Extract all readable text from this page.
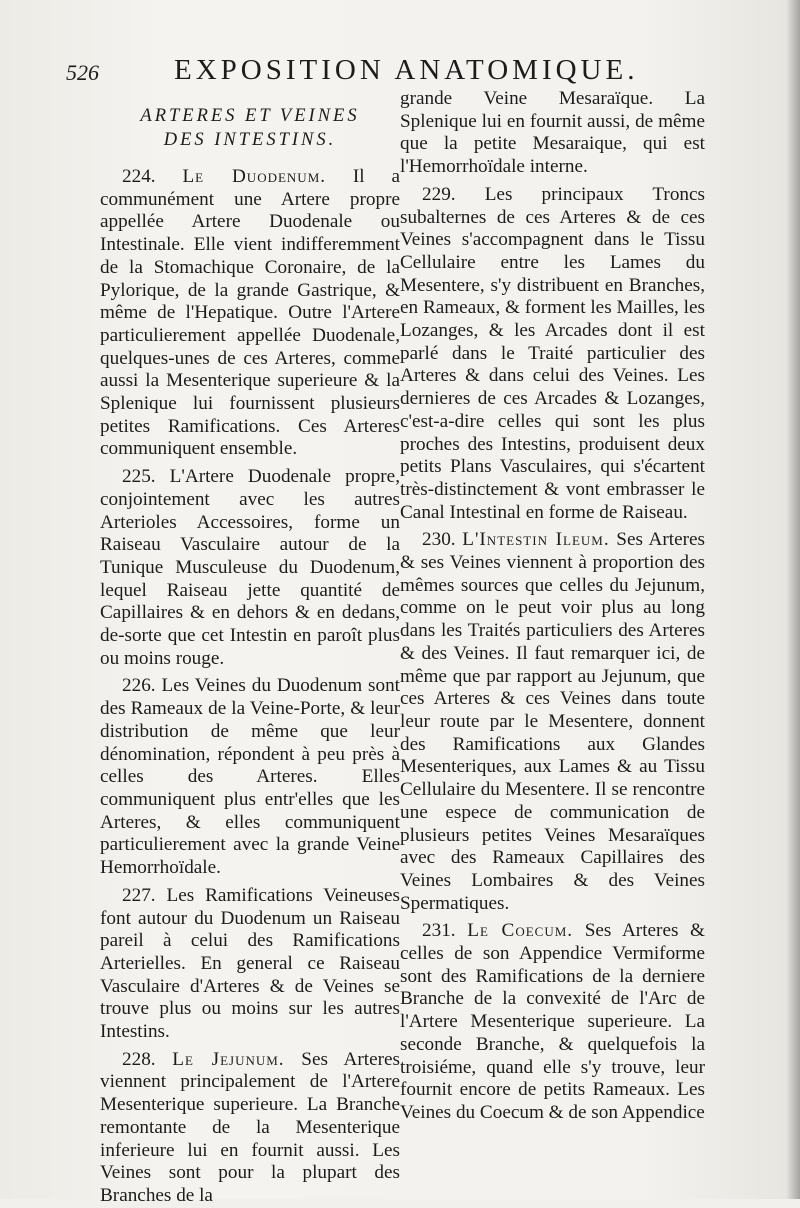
526	EXPOSITION ANATOMIQUE.
ARTERES ET VEINES
DES INTESTINS.

224. Le Duodenum. Il a communément une Artere propre appellée Artere Duodenale ou Intestinale. Elle vient indifferemment de la Stomachique Coronaire, de la Pylorique, de la grande Gastrique, & même de l'Hepatique. Outre l'Artere particulierement appellée Duodenale, quelques-unes de ces Arteres, comme aussi la Mesenterique superieure & la Splenique lui fournissent plusieurs petites Ramifications. Ces Arteres communiquent ensemble.

225. L'Artere Duodenale propre, conjointement avec les autres Arterioles Accessoires, forme un Raiseau Vasculaire autour de la Tunique Musculeuse du Duodenum, lequel Raiseau jette quantité de Capillaires & en dehors & en dedans, de-sorte que cet Intestin en paroît plus ou moins rouge.

226. Les Veines du Duodenum sont des Rameaux de la Veine-Porte, & leur distribution de même que leur dénomination, répondent à peu près à celles des Arteres. Elles communiquent plus entr'elles que les Arteres, & elles communiquent particulierement avec la grande Veine Hemorrhoïdale.

227. Les Ramifications Veineuses font autour du Duodenum un Raiseau pareil à celui des Ramifications Arterielles. En general ce Raiseau Vasculaire d'Arteres & de Veines se trouve plus ou moins sur les autres Intestins.

228. Le Jejunum. Ses Arteres viennent principalement de l'Artere Mesenterique superieure. La Branche remontante de la Mesenterique inferieure lui en fournit aussi. Les Veines sont pour la plupart des Branches de la

grande Veine Mesaraïque. La Splenique lui en fournit aussi, de même que la petite Mesaraique, qui est l'Hemorrhoïdale interne.

229. Les principaux Troncs subalternes de ces Arteres & de ces Veines s'accompagnent dans le Tissu Cellulaire entre les Lames du Mesentere, s'y distribuent en Branches, en Rameaux, & forment les Mailles, les Lozanges, & les Arcades dont il est parlé dans le Traité particulier des Arteres & dans celui des Veines. Les dernieres de ces Arcades & Lozanges, c'est-a-dire celles qui sont les plus proches des Intestins, produisent deux petits Plans Vasculaires, qui s'écartent très-distinctement & vont embrasser le Canal Intestinal en forme de Raiseau.

230. L'Intestin Ileum. Ses Arteres & ses Veines viennent à proportion des mêmes sources que celles du Jejunum, comme on le peut voir plus au long dans les Traités particuliers des Arteres & des Veines. Il faut remarquer ici, de même que par rapport au Jejunum, que ces Arteres & ces Veines dans toute leur route par le Mesentere, donnent des Ramifications aux Glandes Mesenteriques, aux Lames & au Tissu Cellulaire du Mesentere. Il se rencontre une espece de communication de plusieurs petites Veines Mesaraïques avec des Rameaux Capillaires des Veines Lombaires & des Veines Spermatiques.

231. Le Coecum. Ses Arteres & celles de son Appendice Vermiforme sont des Ramifications de la derniere Branche de la convexité de l'Arc de l'Artere Mesenterique superieure. La seconde Branche, & quelquefois la troisiéme, quand elle s'y trouve, leur fournit encore de petits Rameaux. Les Veines du Coecum & de son Appendice
